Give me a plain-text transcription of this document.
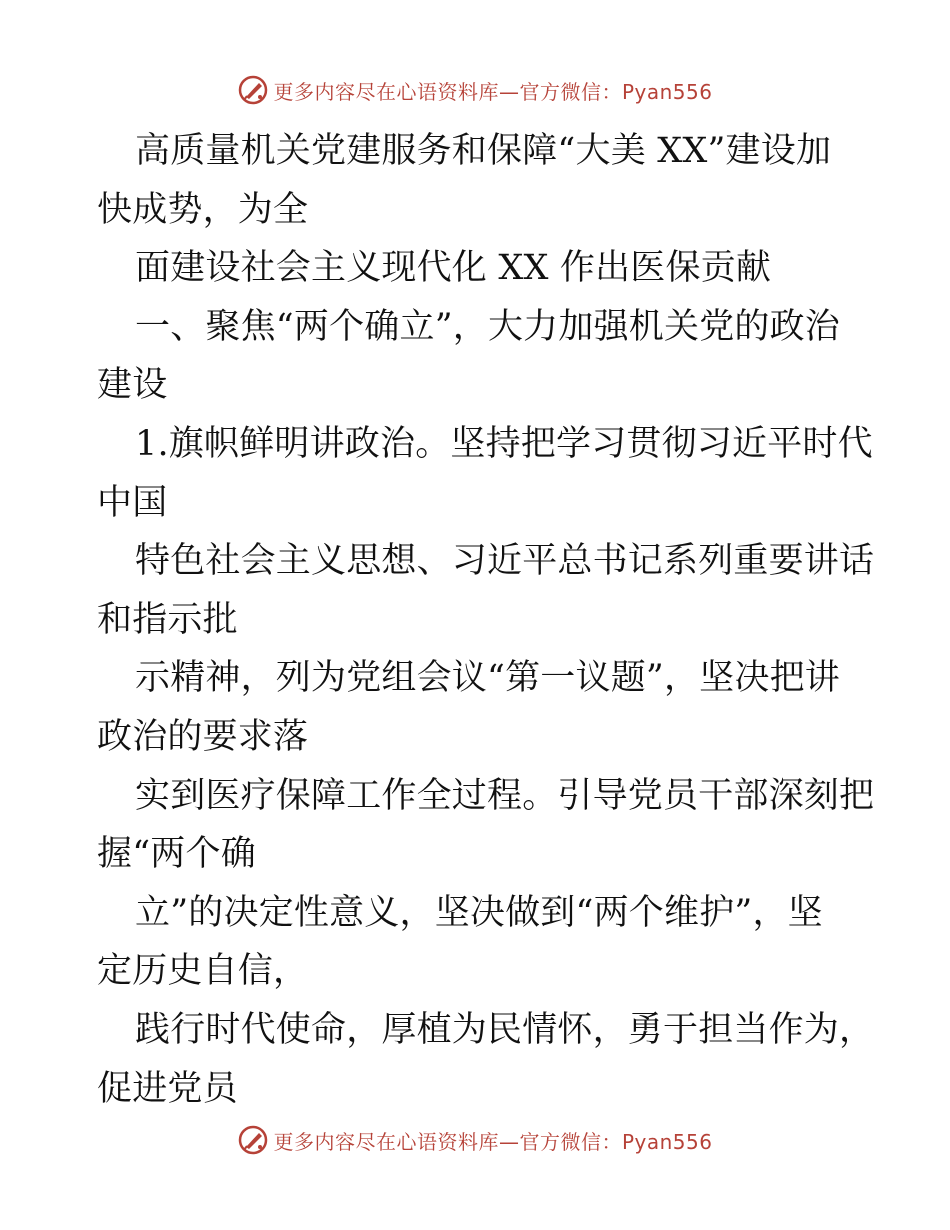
更多内容尽在心语资料库—官方微信：Pyan556
高质量机关党建服务和保障“大美 XX”建设加
快成势，为全
面建设社会主义现代化 XX 作出医保贡献
一、聚焦“两个确立”，大力加强机关党的政治
建设
1.旗帜鲜明讲政治。坚持把学习贯彻习近平时代
中国
特色社会主义思想、习近平总书记系列重要讲话
和指示批
示精神，列为党组会议“第一议题”，坚决把讲
政治的要求落
实到医疗保障工作全过程。引导党员干部深刻把
握“两个确
立”的决定性意义，坚决做到“两个维护”，坚
定历史自信，
践行时代使命，厚植为民情怀，勇于担当作为，
促进党员
更多内容尽在心语资料库—官方微信：Pyan556
